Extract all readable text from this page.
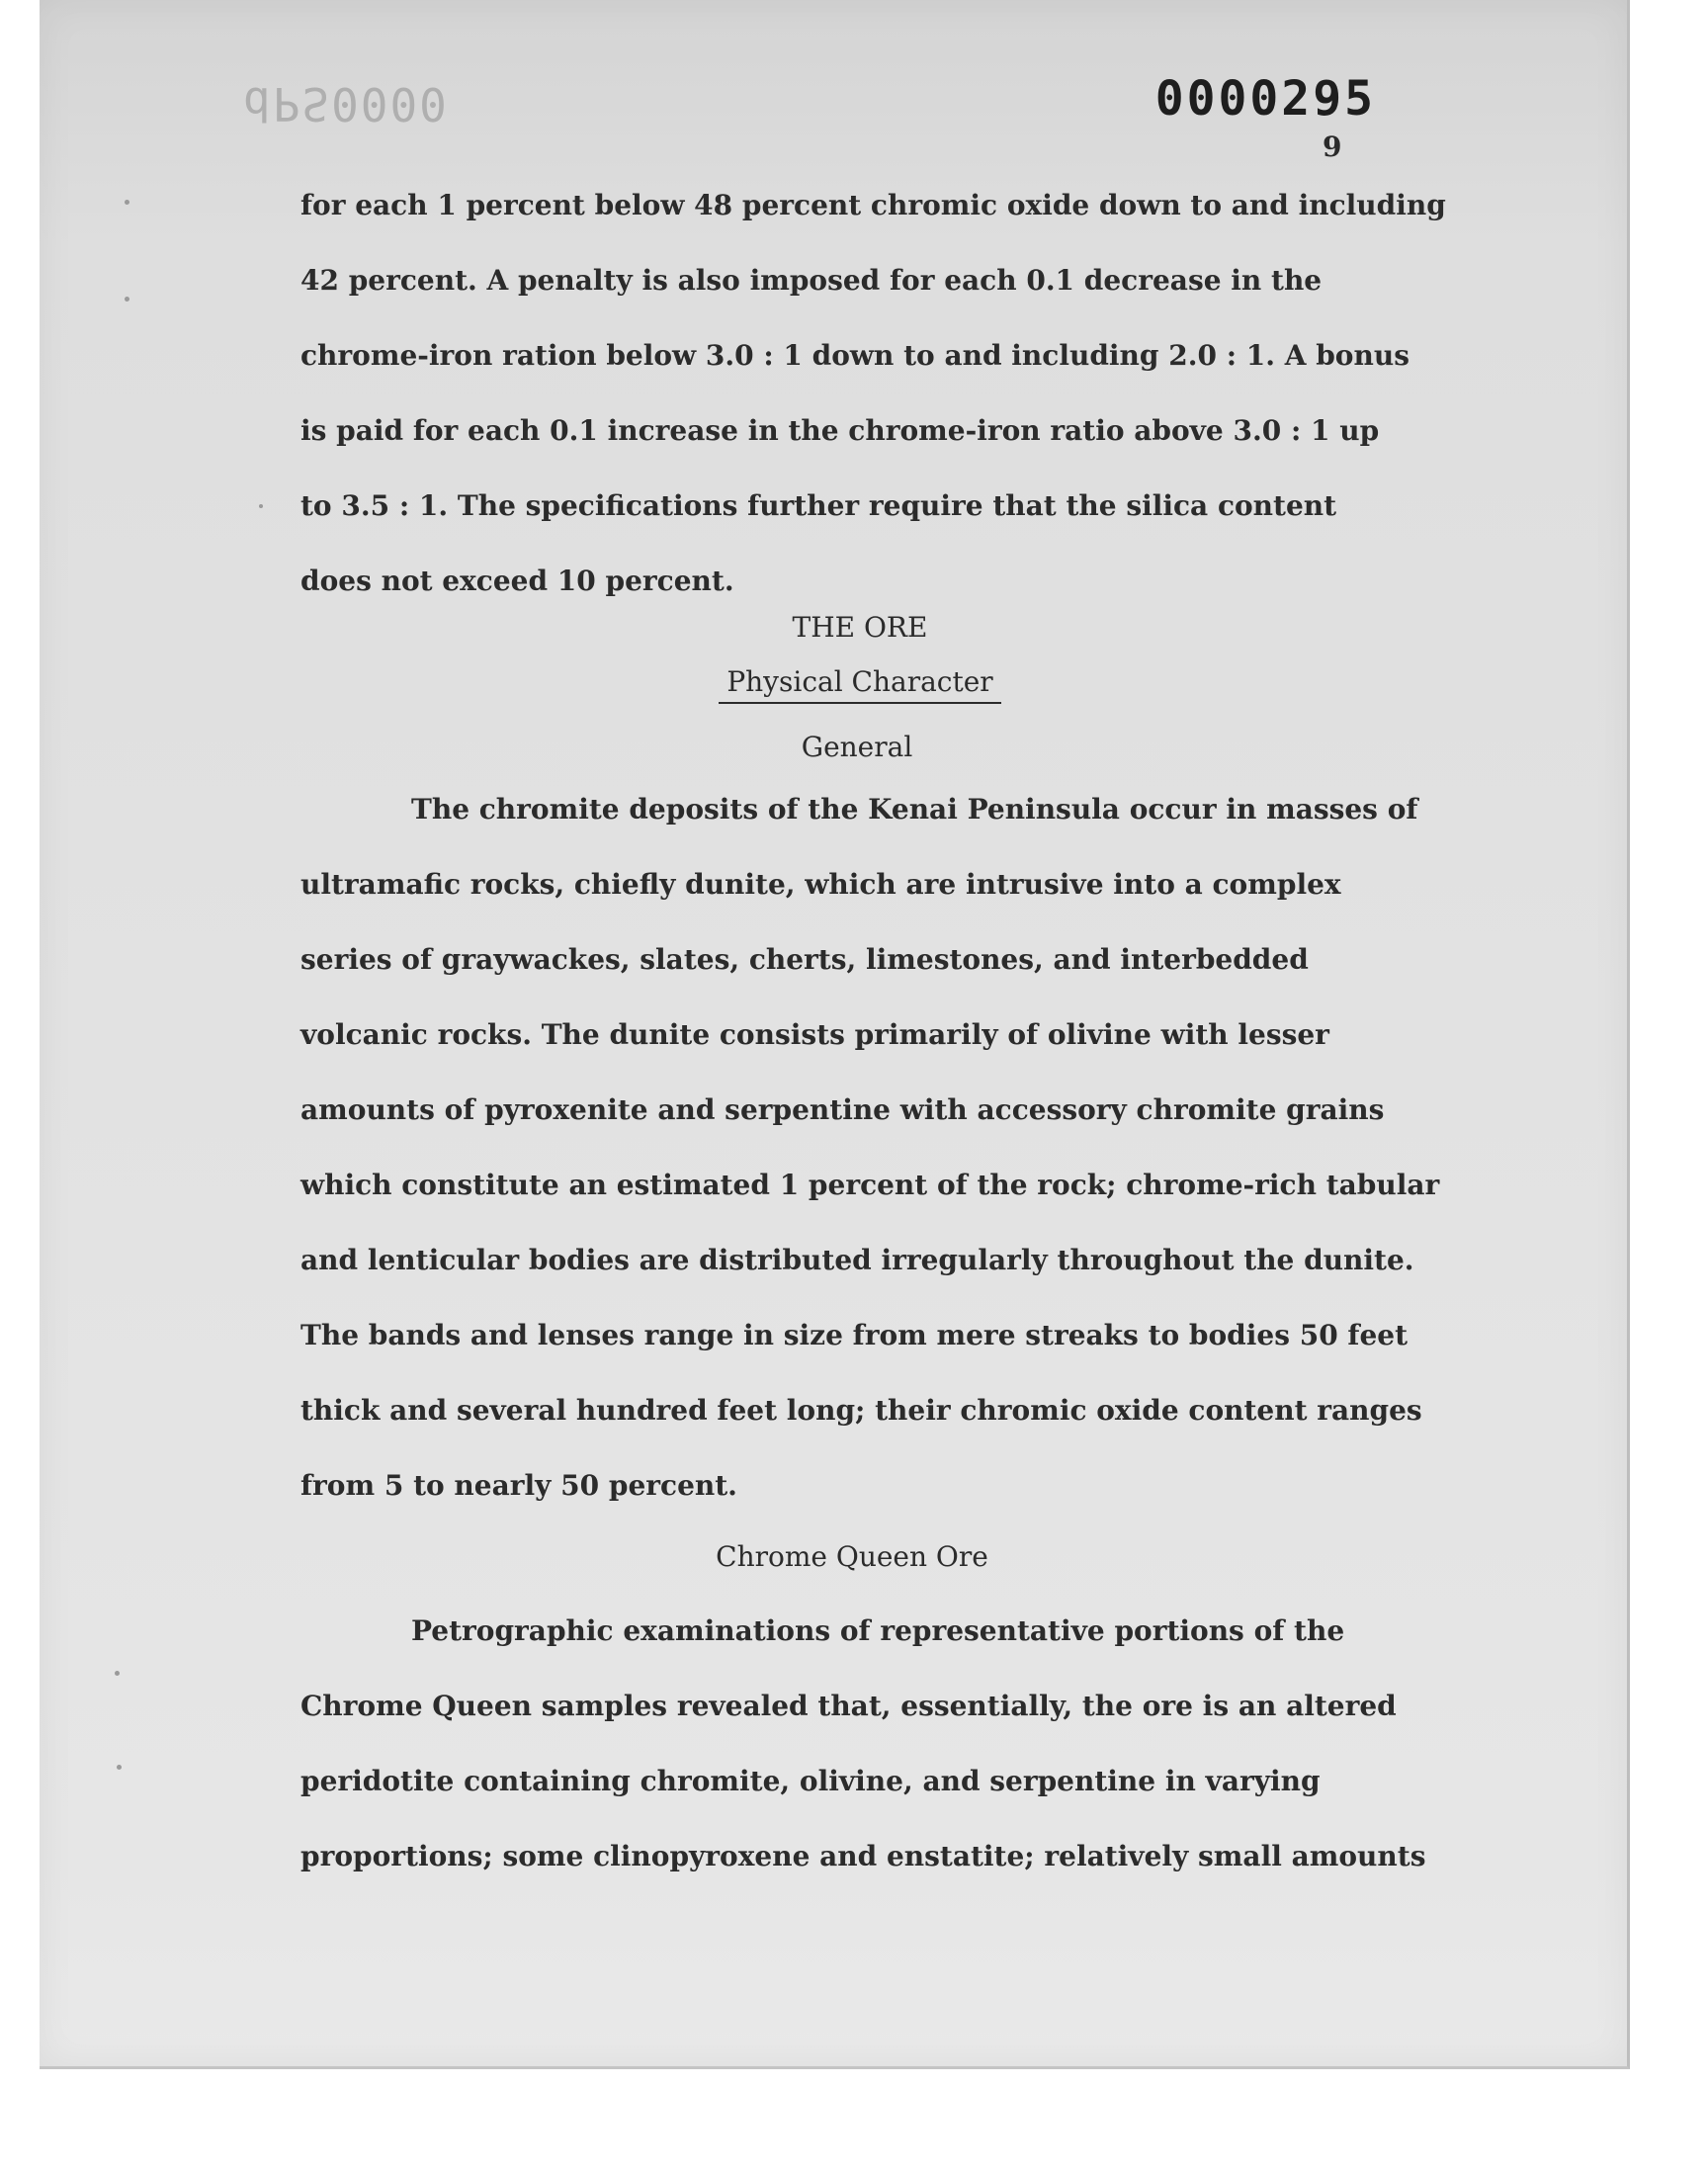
dPS0000	0000295
9
for each 1 percent below 48 percent chromic oxide down to and including
42 percent. A penalty is also imposed for each 0.1 decrease in the
chrome-iron ration below 3.0 : 1 down to and including 2.0 : 1. A bonus
is paid for each 0.1 increase in the chrome-iron ratio above 3.0 : 1 up
to 3.5 : 1. The specifications further require that the silica content
does not exceed 10 percent.
THE ORE
Physical Character
General
The chromite deposits of the Kenai Peninsula occur in masses of
ultramafic rocks, chiefly dunite, which are intrusive into a complex
series of graywackes, slates, cherts, limestones, and interbedded
volcanic rocks. The dunite consists primarily of olivine with lesser
amounts of pyroxenite and serpentine with accessory chromite grains
which constitute an estimated 1 percent of the rock; chrome-rich tabular
and lenticular bodies are distributed irregularly throughout the dunite.
The bands and lenses range in size from mere streaks to bodies 50 feet
thick and several hundred feet long; their chromic oxide content ranges
from 5 to nearly 50 percent.
Chrome Queen Ore
Petrographic examinations of representative portions of the
Chrome Queen samples revealed that, essentially, the ore is an altered
peridotite containing chromite, olivine, and serpentine in varying
proportions; some clinopyroxene and enstatite; relatively small amounts
